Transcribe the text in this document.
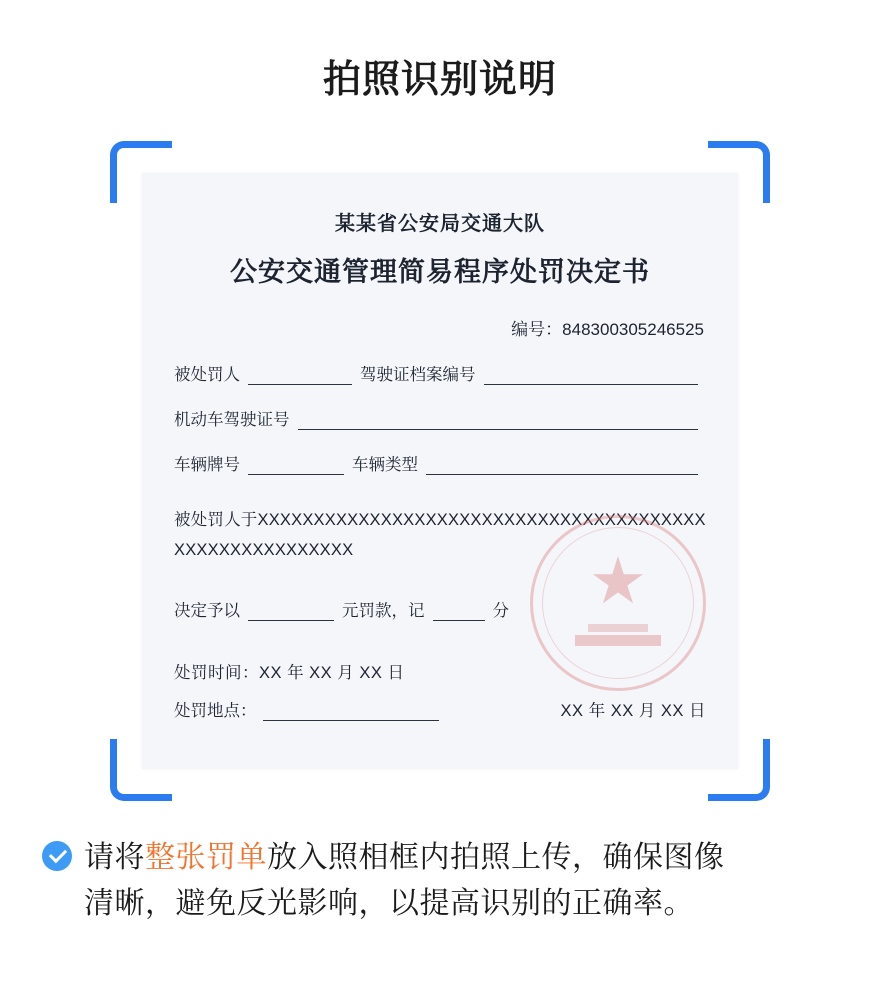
拍照识别说明
某某省公安局交通大队
公安交通管理简易程序处罚决定书
编号：848300305246525
被处罚人	驾驶证档案编号
机动车驾驶证号
车辆牌号	车辆类型
被处罚人于XXXXXXXXXXXXXXXXXXXXXXXXXXXXXXXXXXXXXXXXXXXXXXXXXXXXXXXX
决定予以	元罚款，记	分
处罚时间：XX 年 XX 月 XX 日
处罚地点：	XX 年 XX 月 XX 日
请将整张罚单放入照相框内拍照上传，确保图像
清晰，避免反光影响，以提高识别的正确率。
